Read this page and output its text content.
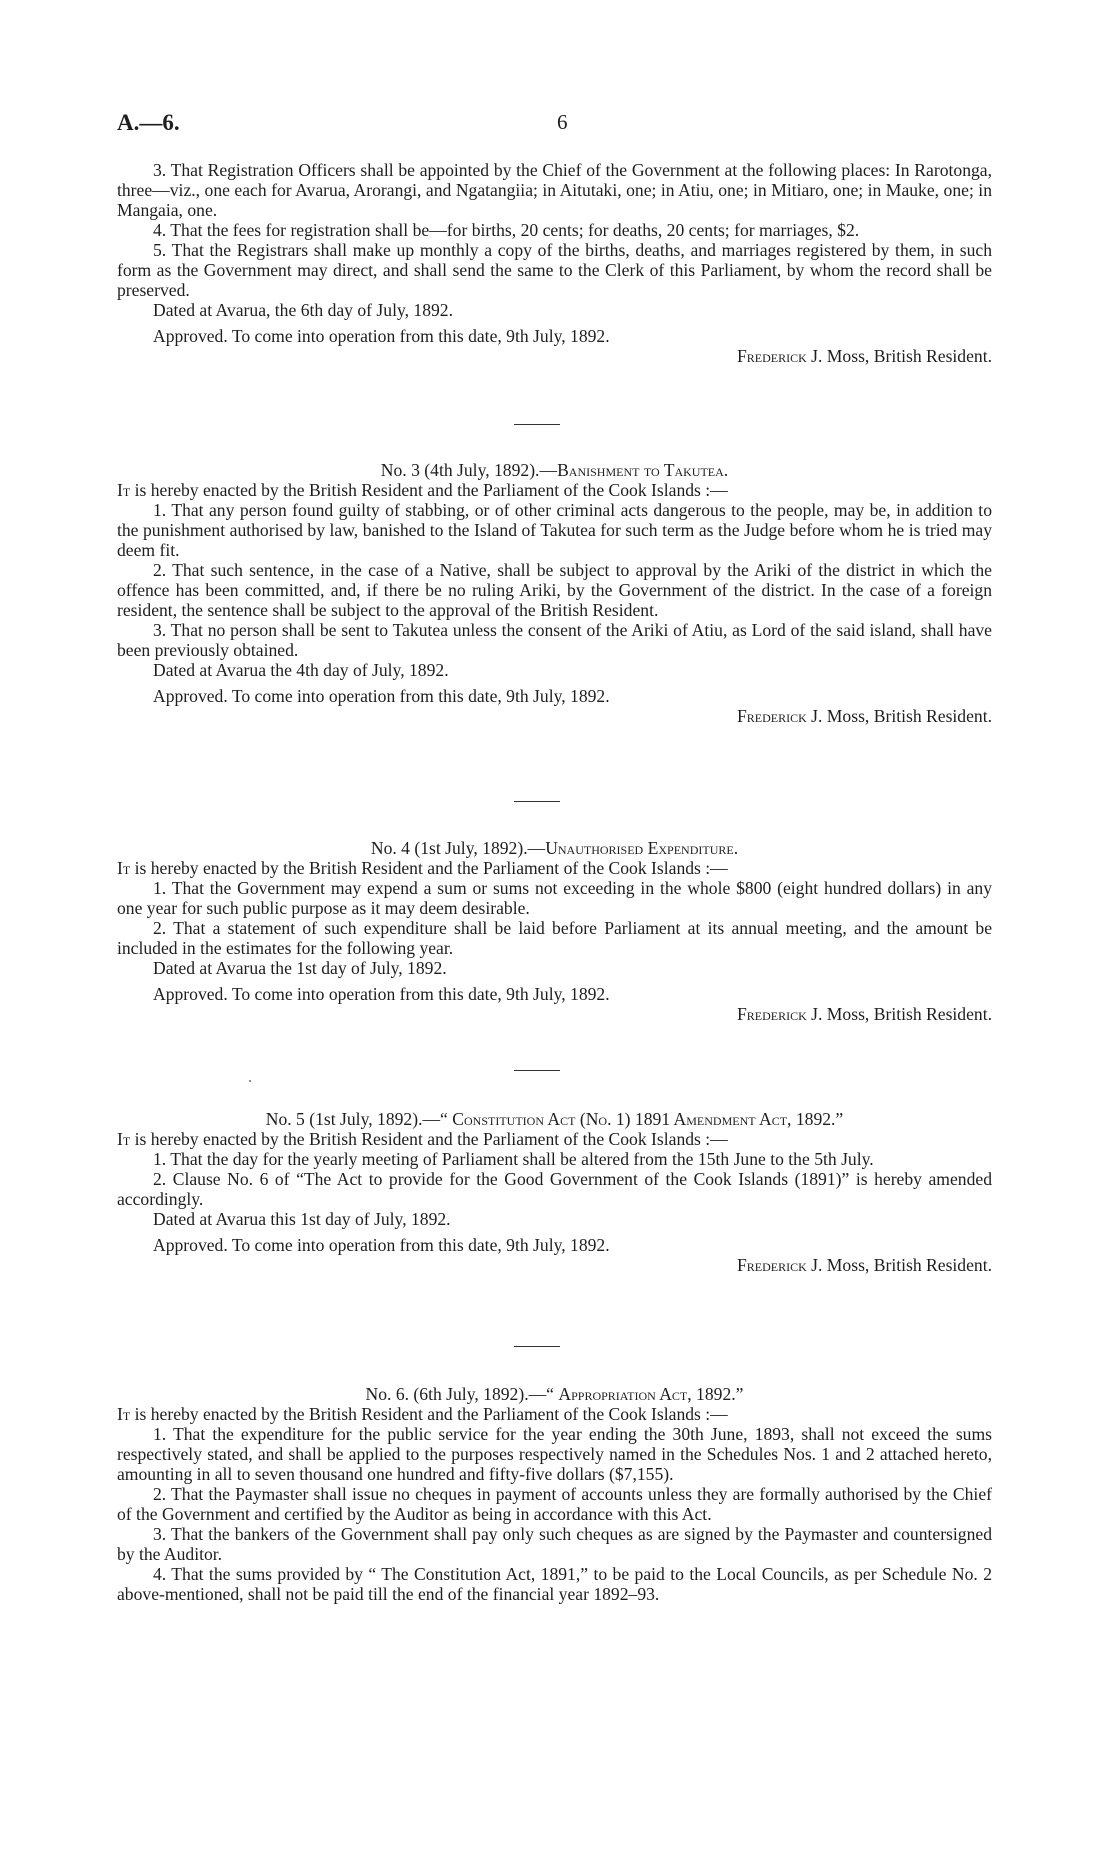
A.—6.	6

3. That Registration Officers shall be appointed by the Chief of the Government at the following places: In Rarotonga, three—viz., one each for Avarua, Arorangi, and Ngatangiia; in Aitutaki, one; in Atiu, one; in Mitiaro, one; in Mauke, one; in Mangaia, one.

4. That the fees for registration shall be—for births, 20 cents; for deaths, 20 cents; for marriages, $2.

5. That the Registrars shall make up monthly a copy of the births, deaths, and marriages registered by them, in such form as the Government may direct, and shall send the same to the Clerk of this Parliament, by whom the record shall be preserved.

Dated at Avarua, the 6th day of July, 1892.

Approved. To come into operation from this date, 9th July, 1892.

Frederick J. Moss, British Resident.

No. 3 (4th July, 1892).—Banishment to Takutea.

It is hereby enacted by the British Resident and the Parliament of the Cook Islands :—

1. That any person found guilty of stabbing, or of other criminal acts dangerous to the people, may be, in addition to the punishment authorised by law, banished to the Island of Takutea for such term as the Judge before whom he is tried may deem fit.

2. That such sentence, in the case of a Native, shall be subject to approval by the Ariki of the district in which the offence has been committed, and, if there be no ruling Ariki, by the Government of the district. In the case of a foreign resident, the sentence shall be subject to the approval of the British Resident.

3. That no person shall be sent to Takutea unless the consent of the Ariki of Atiu, as Lord of the said island, shall have been previously obtained.

Dated at Avarua the 4th day of July, 1892.

Approved. To come into operation from this date, 9th July, 1892.

Frederick J. Moss, British Resident.

No. 4 (1st July, 1892).—Unauthorised Expenditure.

It is hereby enacted by the British Resident and the Parliament of the Cook Islands :—

1. That the Government may expend a sum or sums not exceeding in the whole $800 (eight hundred dollars) in any one year for such public purpose as it may deem desirable.

2. That a statement of such expenditure shall be laid before Parliament at its annual meeting, and the amount be included in the estimates for the following year.

Dated at Avarua the 1st day of July, 1892.

Approved. To come into operation from this date, 9th July, 1892.

Frederick J. Moss, British Resident.

No. 5 (1st July, 1892).—“ Constitution Act (No. 1) 1891 Amendment Act, 1892.”

It is hereby enacted by the British Resident and the Parliament of the Cook Islands :—

1. That the day for the yearly meeting of Parliament shall be altered from the 15th June to the 5th July.

2. Clause No. 6 of “The Act to provide for the Good Government of the Cook Islands (1891)” is hereby amended accordingly.

Dated at Avarua this 1st day of July, 1892.

Approved. To come into operation from this date, 9th July, 1892.

Frederick J. Moss, British Resident.

No. 6. (6th July, 1892).—“ Appropriation Act, 1892.”

It is hereby enacted by the British Resident and the Parliament of the Cook Islands :—

1. That the expenditure for the public service for the year ending the 30th June, 1893, shall not exceed the sums respectively stated, and shall be applied to the purposes respectively named in the Schedules Nos. 1 and 2 attached hereto, amounting in all to seven thousand one hundred and fifty-five dollars ($7,155).

2. That the Paymaster shall issue no cheques in payment of accounts unless they are formally authorised by the Chief of the Government and certified by the Auditor as being in accordance with this Act.

3. That the bankers of the Government shall pay only such cheques as are signed by the Paymaster and countersigned by the Auditor.

4. That the sums provided by “ The Constitution Act, 1891,” to be paid to the Local Councils, as per Schedule No. 2 above-mentioned, shall not be paid till the end of the financial year 1892–93.
